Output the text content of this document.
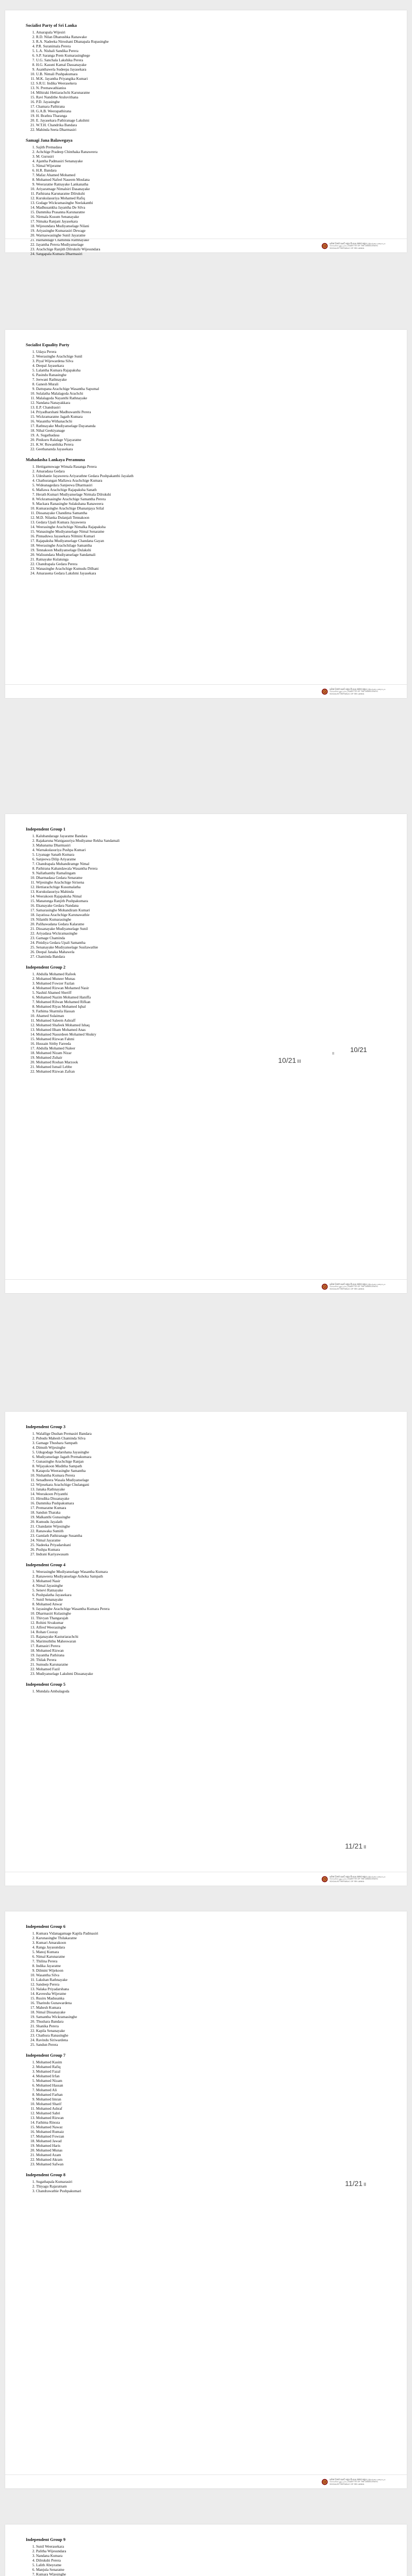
Socialist Party of Sri Lanka
1. Amarapala Wijesiri
2. R.D. Nilan Dhanushka Ranawake
3. R.A. Nadeeka Niroshani Dhanapala Rupasinghe
4. P.R. Suranimala Perera
5. L.A. Nishali Sandika Perera
6. S.P. Saranga Prem Kumarasinghege
7. U.G. Sanchala Lakshika Perera
8. H.G. Kasuni Kamal Dassanayake
9. Asanthawela Sudeepa Jayasekara
10. U.B. Nimali Pushpakumara
11. M.K. Jayantha Priyangika Kumari
12. S.R.U. Indika Weerasekera
13. N. Premawathianiss
14. Mihiraki Hettiarachchi Karunaratne
15. Ravi Nandithe Atuluvithana
16. P.D. Jayasinghe
17. Chamara Pathirana
18. G.A.B. Weerapathirana
19. H. Brathra Tharanga
20. E. Jayasekara Pathiranage Lakshmi
21. W.T.H. Chandrika Bandara
22. Mahinda Seeta Dharmasiri
Samagi Jana Balawegaya
1. Sajith Premadasa
2. Achchige Pradeep Chinthaka Ranaweera
3. M. Gurusiri
4. Ajantha Padmasiri Senanayake
5. Nimal Wijeratne
6. H.R. Bandara
7. Mafaz Ahamed Mohamed
8. Mohamed Nafeel Naseem Moulana
9. Weeraratne Ratnayake Lankanatha
10. Ariyaratnage Nimalsiri Dasanayake
11. Pathirana Karunaratne Dilrukshi
12. Kurukulasuriya Mohamed Rafiq
13. Godage Wickramasinghe Neelakanthi
14. Madhusankha Jayantha De Silva
15. Dammika Prasanna Karunaratne
16. Nirmala Kusum Senanayake
17. Nimaka Ranjani Jayasekara
18. Wijesundara Mudiyanselage Nilani
19. Ariyasinghe Kumarasiri Dewage
20. Warnaswasinghe Sunil Jayaratne
21. Halnandage Chaminda Rathnayake
22. Jayantha Perera Mudiyanselage
23. Arachchige Ranjith Dilrukshi Wijesundara
24. Sangapala Kumara Dharmasiri
සමාජ වාර්ත ගැසට් පත්‍රය සී සයද රජයේ පත්‍රය | இலங்கை சனநாயக சோசலிசக் குடியரசு | GAZETTE OF THE DEMOCRATIC SOCIALIST REPUBLIC OF SRI LANKA
Socialist Equality Party
1. Udaya Perera
2. Weerasinghe Arachchige Sunil
3. Piyal Wijewardena Silva
4. Deepal Jayasekara
5. Lalantha Kumara Rajapaksha
6. Pasindu Ranasinghe
7. Jeewani Rathnayake
8. Ganesh Murali
9. Dattupana Arachchige Wasantha Sapumal
10. Sulalatha Malalagoda Arachchi
11. Malalagoda Nayanthi Rathnayake
12. Nandana Nanayakkara
13. E.P. Chandrasiri
14. Priyadharshani Madhuwanthi Perera
15. Wickramaratne Jagath Kumara
16. Wasantha Withanachchi
17. Rathnayake Mudiyanselage Dayananda
18. Nihal Geekiyanage
19. A. Sugathadasa
20. Pinikuru Ralalage Vijayaratne
21. K.W. Ruwanthika Perera
22. Geethananda Jayasekara
Mahadasha Lankaya Peramuna
1. Hettigamuwage Wimala Rasanga Perera
2. Amaradasa Gedara
3. Udeshanie Jayaweera Ariyarathne Gedara Pushpakanthi Jayalath
4. Chathurangan Mallawa Arachchige Kumara
5. Wideanagedara Sanjeewa Dharmasiri
6. Mallawa Arachchige Rajapaksha Sanath
7. Herath Kumari Mudiyanselage Nirmala Dilrukshi
8. Wickramasinghe Arachchige Samantha Perera
9. Mackara Ranasinghe Sulakshana Ranaweera
10. Kumarasinghe Arachchige Dhananjaya Srilal
11. Dissanayake Chandima Samantha
12. M.D. Nilanka Dulanjali Tennakoon
13. Gedara Upali Kumara Jayaweera
14. Weerasinghe Arachchige Nimalka Rajapaksha
15. Wanasinghe Mudiyanselage Nimal Senaratne
16. Pinnaduwa Jayasekara Nilmini Kumari
17. Rajapaksha Mudiyanselage Chandana Gayan
18. Weerasinghe Arachchilage Samantha
19. Tennakoon Mudiyanselage Dulakshi
20. Walisundara Mudiyanselage Sandamali
21. Ratnayake Kulatunga
22. Chandrapala Gedara Perera
23. Wanasinghe Arachchige Kumudu Dilhani
24. Amarasena Gedara Lakshmi Jayasekara
සමාජ වාර්ත ගැසට් පත්‍රය සී සයද රජයේ පත්‍රය | இலங்கை சனநாயக சோசலிசக் குடியரசு | GAZETTE OF THE DEMOCRATIC SOCIALIST REPUBLIC OF SRI LANKA
Independent Group 1
1. Kalubandarage Jayaratne Bandara
2. Rajakaruna Wanigasuriya Mudiyanse Rekha Sandamali
3. Mahanama Dharmasiri
4. Warnakulasuriya Pushpa Kumari
5. Liyanage Sanath Kumara
6. Sanjeewa Dilip Ariyaratne
7. Chandrapala Muhandiramge Nimal
8. Pathirana Kahandawala Wasantha Perera
9. Nallathamby Ramalingam
10. Dharmadasa Gedara Senaratne
11. Wijesinghe Arachchige Sirisena
12. Hettiarachchige Kusumalatha
13. Kurukulasuriya Mahinda
14. Weerakoon Rajapaksha Nimal
15. Manatunga Ranjith Pushpakumara
16. Ekanayake Gedara Nandana
17. Samarasinghe Mohandiram Kumari
18. Jayatissa Arachchige Karunawathie
19. Nilanthi Kumarasinghe
20. Palihawadana Gedara Kalaratne
21. Dissanayake Mudiyanselage Sunil
22. Ariyadasa Wickramasinghe
23. Gamage Chaminda
24. Pinidiya Gedara Upali Samantha
25. Senanayake Mudiyanselage Susilawathie
26. Deepal Janaka Mahawela
27. Chaminda Bandara
Independent Group 2
1. Abdulla Mohamed Rafeek
2. Mohamed Muneer Munas
3. Mohamed Fowzer Fazlan
4. Mohamed Rizwan Mohamed Nasir
5. Nashid Ahamed Sheriff
6. Mohamed Nazim Mohamed Haniffa
7. Mohamed Rilwan Mohamed Rifkan
8. Mohamed Riyas Mohamed Iqbal
9. Fathima Sharmila Hassan
10. Ahamed Sulaiman
11. Mohamed Saleem Ashraff
12. Mohamed Shafeek Mohamed Ishaq
13. Mohamed Ilham Mohamed Anas
14. Mohamed Nasurdeen Mohamed Shukry
15. Mohamed Rizwan Fahmi
16. Hussain Sitthy Fareeda
17. Abdulla Mohamed Naleer
18. Mohamed Nizam Nizar
19. Mohamed Zuhair
20. Mohamed Roshan Marzook
21. Mohamed Ismail Lebbe
22. Mohamed Rizwan Zafran
10/21 III
සමාජ වාර්ත ගැසට් පත්‍රය සී සයද රජයේ පත්‍රය | இலங்கை சனநாயக சோசலிசக் குடியரசு | GAZETTE OF THE DEMOCRATIC SOCIALIST REPUBLIC OF SRI LANKA
II
10/21
Independent Group 3
1. Walallige Dushan Premasiri Bandara
2. Pubudu Mahesh Chaminda Silva
3. Gamage Thushara Sampath
4. Dimuth Wijesinghe
5. Udugodage Sudarshana Jayasinghe
6. Mudiyanselage Jagath Premakumara
7. Gunasinghe Arachchige Ranjan
8. Wijayakoon Muditha Sampath
9. Katapola Weerasinghe Samantha
10. Nishantha Kumara Perera
11. Senadheera Wasala Mudiyanselage
12. Wijesekara Arachchige Chulangani
13. Janaka Rathnayake
14. Weerakoon Priyanthi
15. Hirudika Dissanayake
16. Dammika Pushpakumara
17. Premaratne Kumara
18. Sandun Tharaka
19. Malkanthi Gunasinghe
20. Kumudu Jayalath
21. Chandanie Wijesinghe
22. Ranawaka Sumith
23. Gamlath Pathiranage Susantha
24. Nimal Jayaratne
25. Nadeeka Priyadarshani
26. Pushpa Kumara
27. Indrani Kariyawasam
Independent Group 4
1. Weerasinghe Mudiyanselage Wasantha Kumara
2. Ranaweera Mudiyanselage Ashoka Sampath
3. Mohamed Nasir
4. Nimal Jayasinghe
5. Senevi Ratnayake
6. Pushpalatha Jayasekara
7. Sunil Senanayake
8. Mohamed Anwar
9. Jayasinghe Arachchige Wasantha Kumara Perera
10. Dharmasiri Kulasinghe
11. Thivyan Thangarajah
12. Rohini Sivakumar
13. Alfred Weerasinghe
14. Rohan Cooray
15. Rajanayake Kasturiarachchi
16. Marimuththu Maheswaran
17. Ratnasiri Perera
18. Mohamed Rizwan
19. Jayantha Pathirana
20. Thilak Perera
21. Sumudu Karunaratne
22. Mohamed Fazil
23. Mudiyanselage Lakshmi Dissanayake
Independent Group 5
1. Mundala Ambalagoda
11/21 II
සමාජ වාර්ත ගැසට් පත්‍රය සී සයද රජයේ පත්‍රය | இலங்கை சனநாயக சோசலிசக் குடியரசு | GAZETTE OF THE DEMOCRATIC SOCIALIST REPUBLIC OF SRI LANKA
Independent Group 6
1. Kumara Vidanagamage Kapila Padmasiri
2. Karunasinghe Thilakaratne
3. Kumari Amarakoon
4. Ranga Jayasundara
5. Manoj Kumara
6. Nimal Karunaratne
7. Thilina Perera
8. Indika Jayaratne
9. Dilmini Wijekoon
10. Wasantha Silva
11. Lakshan Rathnayake
12. Sandeep Perera
13. Nalaka Priyadarshana
14. Kaveesha Wijeratne
15. Rusiru Madusanka
16. Tharindu Gunawardena
17. Mahesh Kumara
18. Nimal Dissanayake
19. Samantha Wickramasinghe
20. Thushara Bandara
21. Shanika Perera
22. Kapila Senanayake
23. Chathura Ranasinghe
24. Ravindu Siriwardena
25. Sandun Perera
Independent Group 7
1. Mohamed Kasim
2. Mohamed Rafiq
3. Mohamed Fazal
4. Mohamed Irfan
5. Mohamed Nizam
6. Mohamed Hassan
7. Mohamed Ali
8. Mohamed Farhan
9. Mohamed Imran
10. Mohamed Sharif
11. Mohamed Ashraf
12. Mohamed Sabri
13. Mohamed Rizwan
14. Fathima Rinoza
15. Mohamed Nawaz
16. Mohamed Rumaiz
17. Mohamed Fowzan
18. Mohamed Jawad
19. Mohamed Haris
20. Mohamed Munas
21. Mohamed Azam
22. Mohamed Akram
23. Mohamed Safwan
Independent Group 8
1. Sugathapala Kumarasiri
2. Thiyagu Rajaratnam
3. Chandrawathie Pushpakumari
11/21 II
සමාජ වාර්ත ගැසට් පත්‍රය සී සයද රජයේ පත්‍රය | இலங்கை சனநாயக சோசலிசக் குடியரசு | GAZETTE OF THE DEMOCRATIC SOCIALIST REPUBLIC OF SRI LANKA
Independent Group 9
1. Sunil Weerasekara
2. Palitha Wijesundara
3. Nandana Kumara
4. Dilrukshi Perera
5. Lalith Abeyratne
6. Manjula Senaratne
7. Kumara Wijesinghe
